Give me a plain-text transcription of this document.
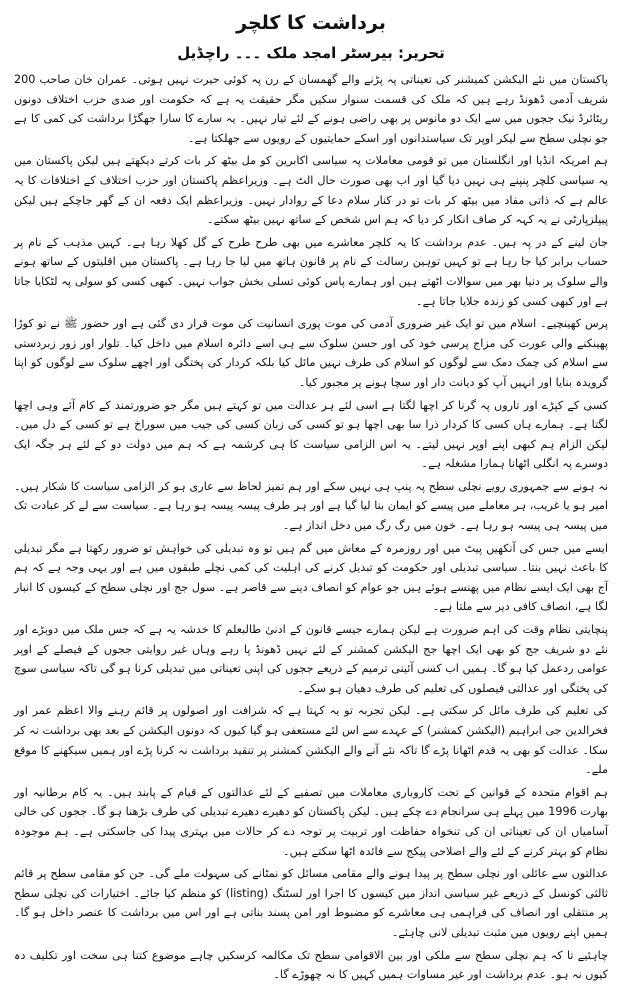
برداشت کا کلچر
تحریر: بیرسٹر امجد ملک ۔۔۔ راچڈیل

پاکستان میں نئے الیکشن کمیشنر کی تعیناتی پہ پڑنے والے گھمسان کے رن پہ کوئی حیرت نہیں ہوتی۔ عمران خان صاحب 200 شریف آدمی ڈھونڈ رہے ہیں کہ ملک کی قسمت سنوار سکیں مگر حقیقت یہ ہے کہ حکومت اور ضدی حزب اختلاف دونوں ریٹائرڈ نیک ججوں میں سے ایک دو مانوس پر بھی راضی ہونے کے لئے تیار نہیں۔ یہ سارے کا سارا جھگڑا برداشت کی کمی کا ہے جو نچلی سطح سے لیکر اوپر تک سیاستدانوں اور اسکے حمایتیوں کے رویوں سے جھلکتا ہے۔

ہم امریکہ انڈیا اور انگلستان میں تو قومی معاملات پہ سیاسی اکابرین کو مل بیٹھ کر بات کرتے دیکھتے ہیں لیکن پاکستان میں یہ سیاسی کلچر پنپنے ہی نہیں دیا گیا اور اب بھی صورت حال الٹ ہے۔ وزیراعظم پاکستان اور حزب اختلاف کے اختلافات کا یہ عالم ہے کہ ذاتی مفاد میں بیٹھ کر بات تو در کنار سلام دعا کے روادار نہیں۔ وزیراعظم ایک دفعہ ان کے گھر جاچکے ہیں لیکن پیپلزپارٹی نے یہ کہہ کر صاف انکار کر دیا کہ ہم اس شخص کے ساتھ نہیں بیٹھ سکتے۔

جان لینے کے در پہ ہیں۔ عدم برداشت کا یہ کلچر معاشرے میں بھی طرح طرح کے گل کھلا رہا ہے۔ کہیں مذہب کے نام پر حساب برابر کیا جا رہا ہے تو کہیں توہین رسالت کے نام پر قانون ہاتھ میں لیا جا رہا ہے۔ پاکستان میں اقلیتوں کے ساتھ ہونے والے سلوک پر دنیا بھر میں سوالات اٹھتے ہیں اور ہمارے پاس کوئی تسلی بخش جواب نہیں۔ کبھی کسی کو سولی پہ لٹکایا جاتا ہے اور کبھی کسی کو زندہ جلایا جاتا ہے۔

پرس کھینچیے۔ اسلام میں تو ایک غیر ضروری آدمی کی موت پوری انسانیت کی موت قرار دی گئی ہے اور حضور ﷺ نے تو کوڑا پھینکنے والی عورت کی مزاج پرسی خود کی اور حسن سلوک سے ہی اسے دائرہ اسلام میں داخل کیا۔ تلوار اور زور زبردستی سے اسلام کی چمک دمک سے لوگوں کو اسلام کی طرف نہیں مائل کیا بلکہ کردار کی پختگی اور اچھے سلوک سے لوگوں کو اپنا گرویدہ بنایا اور انہیں آپ کو دیانت دار اور سچا ہونے پر مجبور کیا۔

کسی کے کپڑے اور تاروں پہ گرنا کر اچھا لگتا ہے اسی لئے ہر عدالت میں تو کہتے ہیں مگر جو ضرورتمند کے کام آئے وہی اچھا لگتا ہے۔ ہمارے ہاں کسی کا کردار ذرا سا بھی اچھا ہو تو کسی کی زبان کسی کی جیب میں سوراخ ہے تو کسی کے دل میں۔ لیکن الزام ہم کبھی اپنے اوپر نہیں لیتے۔ یہ اس الزامی سیاست کا ہی کرشمہ ہے کہ ہم میں دولت دو کے لئے ہر جگہ ایک دوسرے پہ انگلی اٹھانا ہمارا مشغلہ ہے۔

نہ ہونے سے جمہوری رویے نچلی سطح پہ پنپ ہی نہیں سکے اور ہم تمیز لحاظ سے عاری ہو کر الزامی سیاست کا شکار ہیں۔ امیر ہو یا غریب، ہر معاملے میں پیسے کو ایمان بنا لیا گیا ہے اور ہر طرف پیسہ پیسہ ہو رہا ہے۔ سیاست سے لے کر عبادت تک میں پیسہ ہی پیسہ ہو رہا ہے۔ خون میں رگ رگ میں دخل انداز ہے۔

ایسے میں جس کی آنکھیں پیٹ میں اور روزمرہ کے معاش میں گم ہیں تو وہ تبدیلی کی خواہش تو ضرور رکھتا ہے مگر تبدیلی کا باعث نہیں بنتا۔ سیاسی تبدیلی اور حکومت کو تبدیل کرنے کی اہلیت کی کمی نچلے طبقوں میں ہے اور یہی وجہ ہے کہ ہم آج بھی ایک ایسے نظام میں پھنسے ہوئے ہیں جو عوام کو انصاف دینے سے قاصر ہے۔ سول جج اور نچلی سطح کے کیسوں کا انبار لگا ہے، انصاف کافی دیر سے ملتا ہے۔

پنچایتی نظام وقت کی اہم ضرورت ہے لیکن ہمارے جیسے قانون کے ادنیٰ طالبعلم کا خدشہ یہ ہے کہ جس ملک میں دوبڑے اور نئے دو شریف جج کو بھی ایک اچھا جج الیکشن کمشنر کے لئے نہیں ڈھونڈ پا رہے وہاں غیر روایتی ججوں کے فیصلے کے اوپر عوامی ردعمل کیا ہو گا۔ ہمیں اب کسی آئینی ترمیم کے ذریعے ججوں کی اپنی تعیناتی میں تبدیلی کرنا ہو گی تاکہ سیاسی سوچ کی پختگی اور عدالتی فیصلوں کی تعلیم کی طرف دھیان ہو سکے۔

کی تعلیم کی طرف مائل کر سکتی ہے۔ لیکن تجربہ تو یہ کہتا ہے کہ شرافت اور اصولوں پر قائم رہنے والا اعظم عمر اور فخرالدین جی ابراہیم (الیکشن کمشنر) کے عہدے سے اس لئے مستعفی ہو گیا کیوں کہ دونوں الیکشن کے بعد بھی برداشت نہ کر سکا۔ عدالت کو بھی یہ قدم اٹھانا پڑے گا تاکہ نئے آنے والے الیکشن کمشنر پر تنقید برداشت نہ کرنا پڑے اور ہمیں سیکھنے کا موقع ملے۔

ہم اقوام متحدہ کے قوانین کے تحت کاروباری معاملات میں تصفیے کے لئے عدالتوں کے قیام کے پابند ہیں۔ یہ کام برطانیہ اور بھارت 1996 میں پہلے ہی سرانجام دے چکے ہیں۔ لیکن پاکستان کو دھیرے دھیرے تبدیلی کی طرف بڑھنا ہو گا۔ ججوں کی خالی آسامیاں ان کی تعیناتی ان کی تنخواہ حفاظت اور تربیت پر توجہ دے کر حالات میں بہتری پیدا کی جاسکتی ہے۔ ہم موجودہ نظام کو بہتر کرنے کے لئے والے اصلاحی پیکج سے فائدہ اٹھا سکتے ہیں۔

عدالتوں سے عائلی اور نچلی سطح پر پیدا ہونے والے مقامی مسائل کو نمٹانے کی سہولت ملے گی۔ جن کو مقامی سطح پر قائم ثالثی کونسل کے ذریعے غیر سیاسی انداز میں کیسوں کا اجرا اور لسٹنگ (listing) کو منظم کیا جائے۔ اختیارات کی نچلی سطح پر منتقلی اور انصاف کی فراہمی ہی معاشرے کو مضبوط اور امن پسند بناتی ہے اور اس میں برداشت کا عنصر داخل ہو گا۔ ہمیں اپنے رویوں میں مثبت تبدیلی لانی چاہئے۔

چاہئیے تا کہ ہم نچلی سطح سے ملکی اور بین الاقوامی سطح تک مکالمہ کرسکیں چاہے موضوع کتنا ہی سخت اور تکلیف دہ کیوں نہ ہو۔ عدم برداشت اور غیر مساوات ہمیں کہیں کا نہ چھوڑے گا۔
